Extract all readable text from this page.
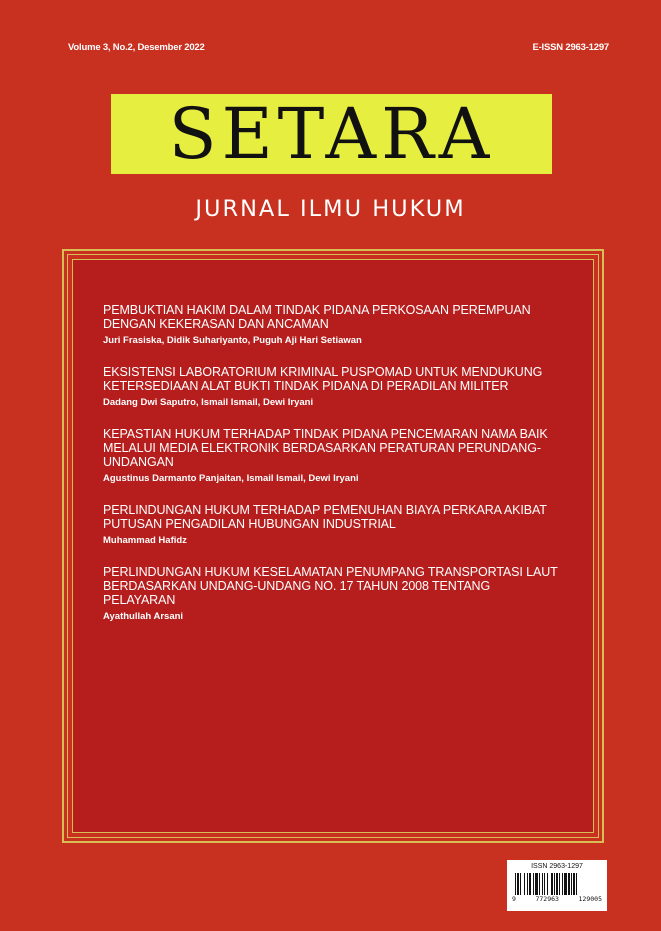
Volume 3, No.2, Desember 2022	E-ISSN 2963-1297
SETARA
JURNAL ILMU HUKUM
PEMBUKTIAN HAKIM DALAM TINDAK PIDANA PERKOSAAN PEREMPUAN DENGAN KEKERASAN DAN ANCAMAN
Juri Frasiska, Didik Suhariyanto, Puguh Aji Hari Setiawan
EKSISTENSI LABORATORIUM KRIMINAL PUSPOMAD UNTUK MENDUKUNG KETERSEDIAAN ALAT BUKTI TINDAK PIDANA DI PERADILAN MILITER
Dadang Dwi Saputro, Ismail Ismail, Dewi Iryani
KEPASTIAN HUKUM TERHADAP TINDAK PIDANA PENCEMARAN NAMA BAIK MELALUI MEDIA ELEKTRONIK BERDASARKAN PERATURAN PERUNDANG-UNDANGAN
Agustinus Darmanto Panjaitan, Ismail Ismail, Dewi Iryani
PERLINDUNGAN HUKUM TERHADAP PEMENUHAN BIAYA PERKARA AKIBAT PUTUSAN PENGADILAN HUBUNGAN INDUSTRIAL
Muhammad Hafidz
PERLINDUNGAN HUKUM KESELAMATAN PENUMPANG TRANSPORTASI LAUT BERDASARKAN UNDANG-UNDANG NO. 17 TAHUN 2008 TENTANG PELAYARAN
Ayathullah Arsani
ISSN 2963-1297
9	772963	129005
